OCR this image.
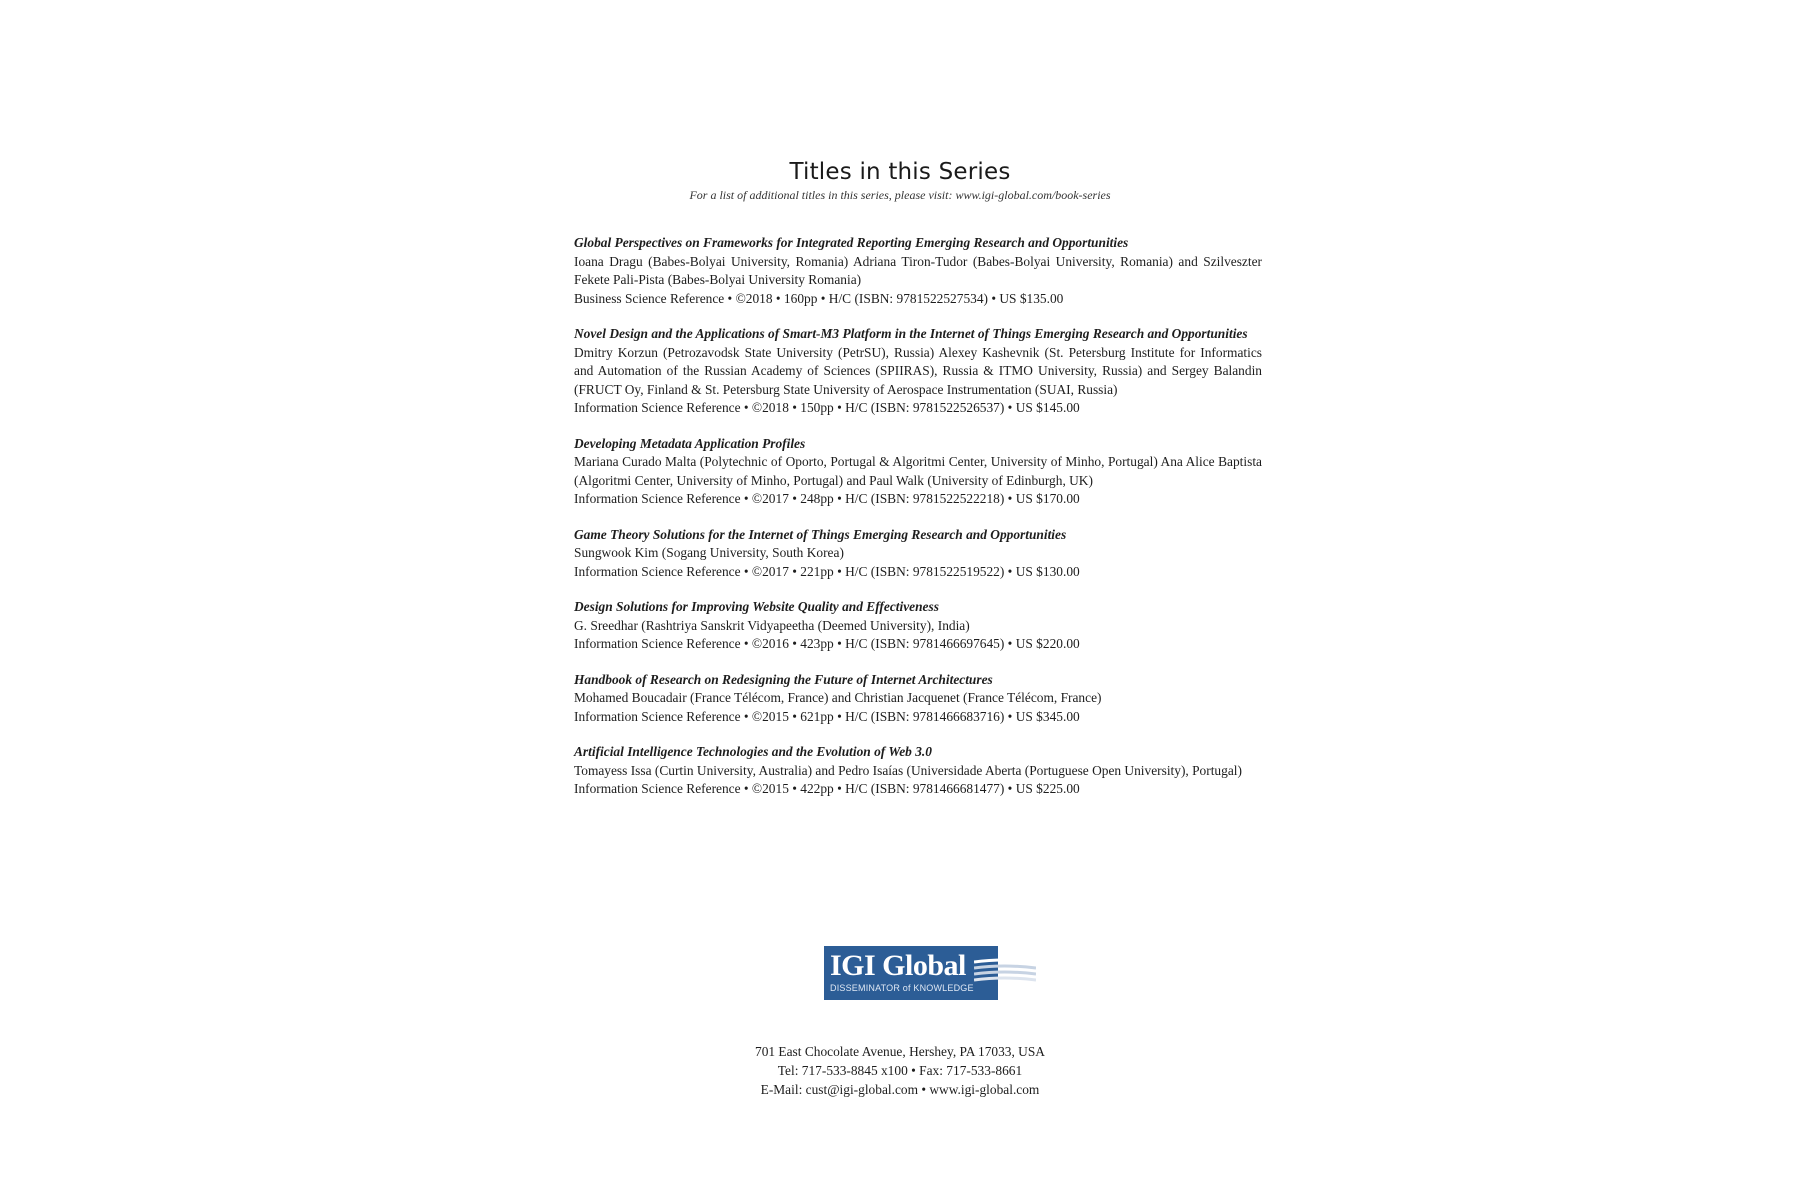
Titles in this Series
For a list of additional titles in this series, please visit: www.igi-global.com/book-series
Global Perspectives on Frameworks for Integrated Reporting Emerging Research and Opportunities
Ioana Dragu (Babes-Bolyai University, Romania) Adriana Tiron-Tudor (Babes-Bolyai University, Romania) and Szilveszter Fekete Pali-Pista (Babes-Bolyai University Romania)
Business Science Reference • ©2018 • 160pp • H/C (ISBN: 9781522527534) • US $135.00
Novel Design and the Applications of Smart-M3 Platform in the Internet of Things Emerging Research and Opportunities
Dmitry Korzun (Petrozavodsk State University (PetrSU), Russia) Alexey Kashevnik (St. Petersburg Institute for Informatics and Automation of the Russian Academy of Sciences (SPIIRAS), Russia & ITMO University, Russia) and Sergey Balandin (FRUCT Oy, Finland & St. Petersburg State University of Aerospace Instrumentation (SUAI, Russia)
Information Science Reference • ©2018 • 150pp • H/C (ISBN: 9781522526537) • US $145.00
Developing Metadata Application Profiles
Mariana Curado Malta (Polytechnic of Oporto, Portugal & Algoritmi Center, University of Minho, Portugal) Ana Alice Baptista (Algoritmi Center, University of Minho, Portugal) and Paul Walk (University of Edinburgh, UK)
Information Science Reference • ©2017 • 248pp • H/C (ISBN: 9781522522218) • US $170.00
Game Theory Solutions for the Internet of Things Emerging Research and Opportunities
Sungwook Kim (Sogang University, South Korea)
Information Science Reference • ©2017 • 221pp • H/C (ISBN: 9781522519522) • US $130.00
Design Solutions for Improving Website Quality and Effectiveness
G. Sreedhar (Rashtriya Sanskrit Vidyapeetha (Deemed University), India)
Information Science Reference • ©2016 • 423pp • H/C (ISBN: 9781466697645) • US $220.00
Handbook of Research on Redesigning the Future of Internet Architectures
Mohamed Boucadair (France Télécom, France) and Christian Jacquenet (France Télécom, France)
Information Science Reference • ©2015 • 621pp • H/C (ISBN: 9781466683716) • US $345.00
Artificial Intelligence Technologies and the Evolution of Web 3.0
Tomayess Issa (Curtin University, Australia) and Pedro Isaías (Universidade Aberta (Portuguese Open University), Portugal)
Information Science Reference • ©2015 • 422pp • H/C (ISBN: 9781466681477) • US $225.00
IGI Global
DISSEMINATOR of KNOWLEDGE
701 East Chocolate Avenue, Hershey, PA 17033, USA
Tel: 717-533-8845 x100 • Fax: 717-533-8661
E-Mail: cust@igi-global.com • www.igi-global.com
